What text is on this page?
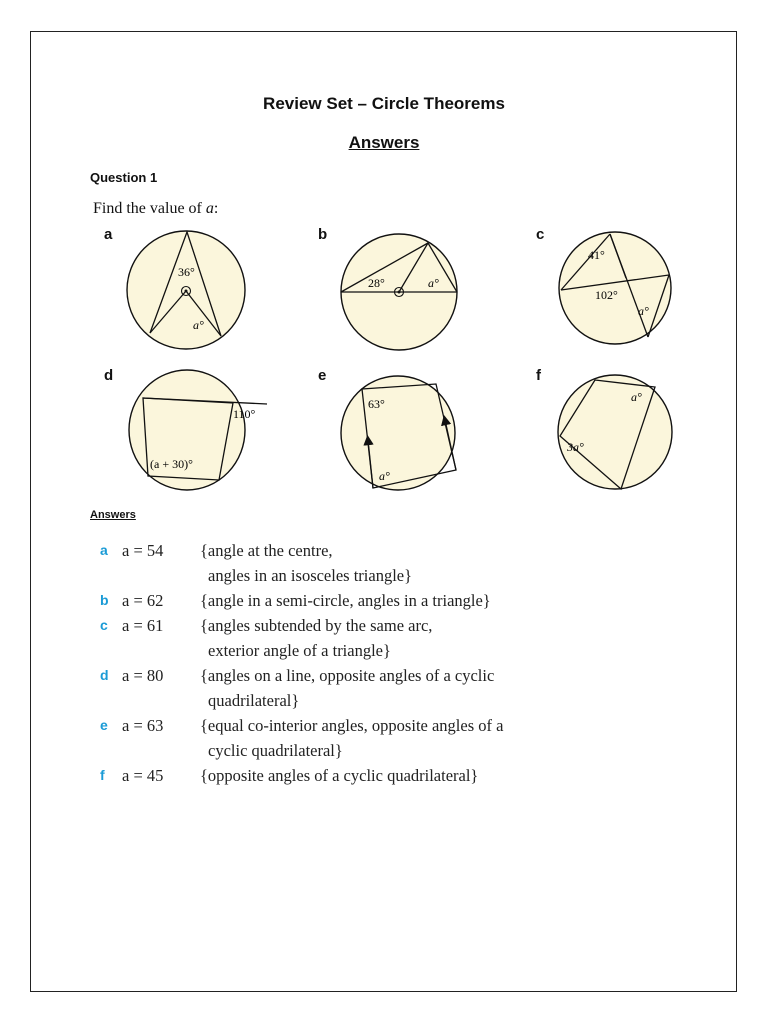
Review Set – Circle Theorems
Answers
Question 1
Find the value of a:
a	b	c
d	e	f
36°
a°
28°	a°
41°
102°
a°
110°
(a + 30)°
63°
a°
a°
3a°
Answers
a a = 54 {angle at the centre,
angles in an isosceles triangle}
b a = 62 {angle in a semi-circle, angles in a triangle}
c a = 61 {angles subtended by the same arc,
exterior angle of a triangle}
d a = 80 {angles on a line, opposite angles of a cyclic
quadrilateral}
e a = 63 {equal co-interior angles, opposite angles of a
cyclic quadrilateral}
f a = 45 {opposite angles of a cyclic quadrilateral}
